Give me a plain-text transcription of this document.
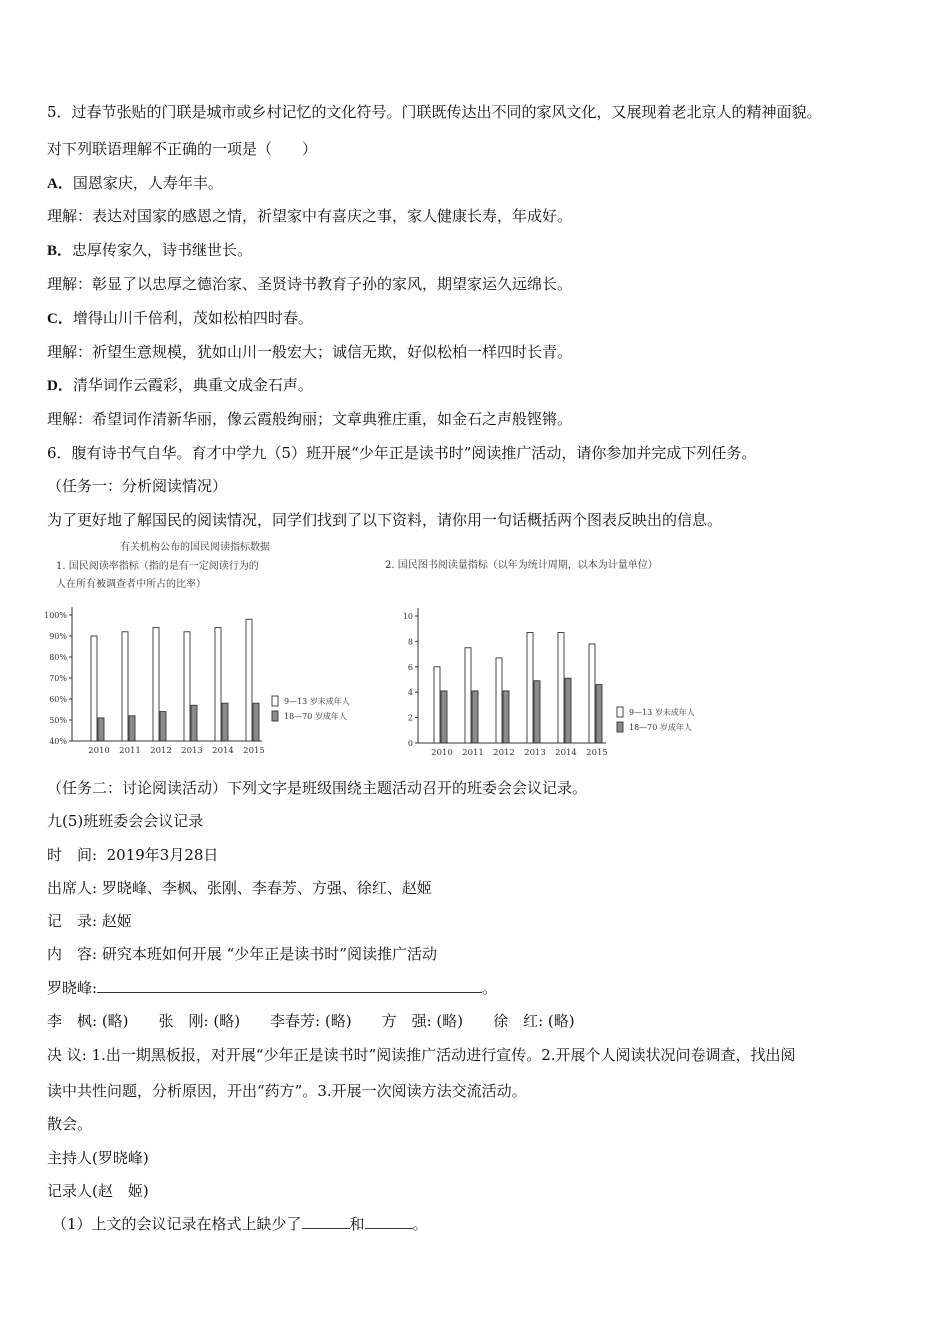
5．过春节张贴的门联是城市或乡村记忆的文化符号。门联既传达出不同的家风文化，又展现着老北京人的精神面貌。
对下列联语理解不正确的一项是（　　）
A．国恩家庆，人寿年丰。
理解：表达对国家的感恩之情，祈望家中有喜庆之事，家人健康长寿，年成好。
B．忠厚传家久，诗书继世长。
理解：彰显了以忠厚之德治家、圣贤诗书教育子孙的家风，期望家运久远绵长。
C．增得山川千倍利，茂如松柏四时春。
理解：祈望生意规模，犹如山川一般宏大；诚信无欺，好似松柏一样四时长青。
D．清华词作云霞彩，典重文成金石声。
理解：希望词作清新华丽，像云霞般绚丽；文章典雅庄重，如金石之声般铿锵。
6．腹有诗书气自华。育才中学九（5）班开展“少年正是读书时”阅读推广活动，请你参加并完成下列任务。
（任务一：分析阅读情况）
为了更好地了解国民的阅读情况，同学们找到了以下资料，请你用一句话概括两个图表反映出的信息。
有关机构公布的国民阅读指标数据
1. 国民阅读率指标（指的是有一定阅读行为的
人在所有被调查者中所占的比率）
2. 国民图书阅读量指标（以年为统计周期，以本为计量单位）
100%
90%
80%
70%
60%
50%
40%
2010 2011 2012 2013 2014 2015
9—13 岁未成年人
18—70 岁成年人
10
8
6
4
2
0
2010 2011 2012 2013 2014 2015
9—13 岁未成年人
18—70 岁成年人
（任务二：讨论阅读活动）下列文字是班级围绕主题活动召开的班委会会议记录。
九(5)班班委会会议记录
时　间: 2019年3月28日
出席人: 罗晓峰、李枫、张刚、李春芳、方强、徐红、赵姬
记　录: 赵姬
内　容: 研究本班如何开展 “少年正是读书时”阅读推广活动
罗晓峰:	。
李　枫: (略)　　张　刚: (略)　　李春芳: (略)　　方　强: (略)　　徐　红: (略)
决 议: 1.出一期黑板报，对开展“少年正是读书时”阅读推广活动进行宣传。2.开展个人阅读状况问卷调查，找出阅
读中共性问题，分析原因，开出“药方”。3.开展一次阅读方法交流活动。
散会。
主持人(罗晓峰)
记录人(赵　姬)
（1）上文的会议记录在格式上缺少了	和	。
